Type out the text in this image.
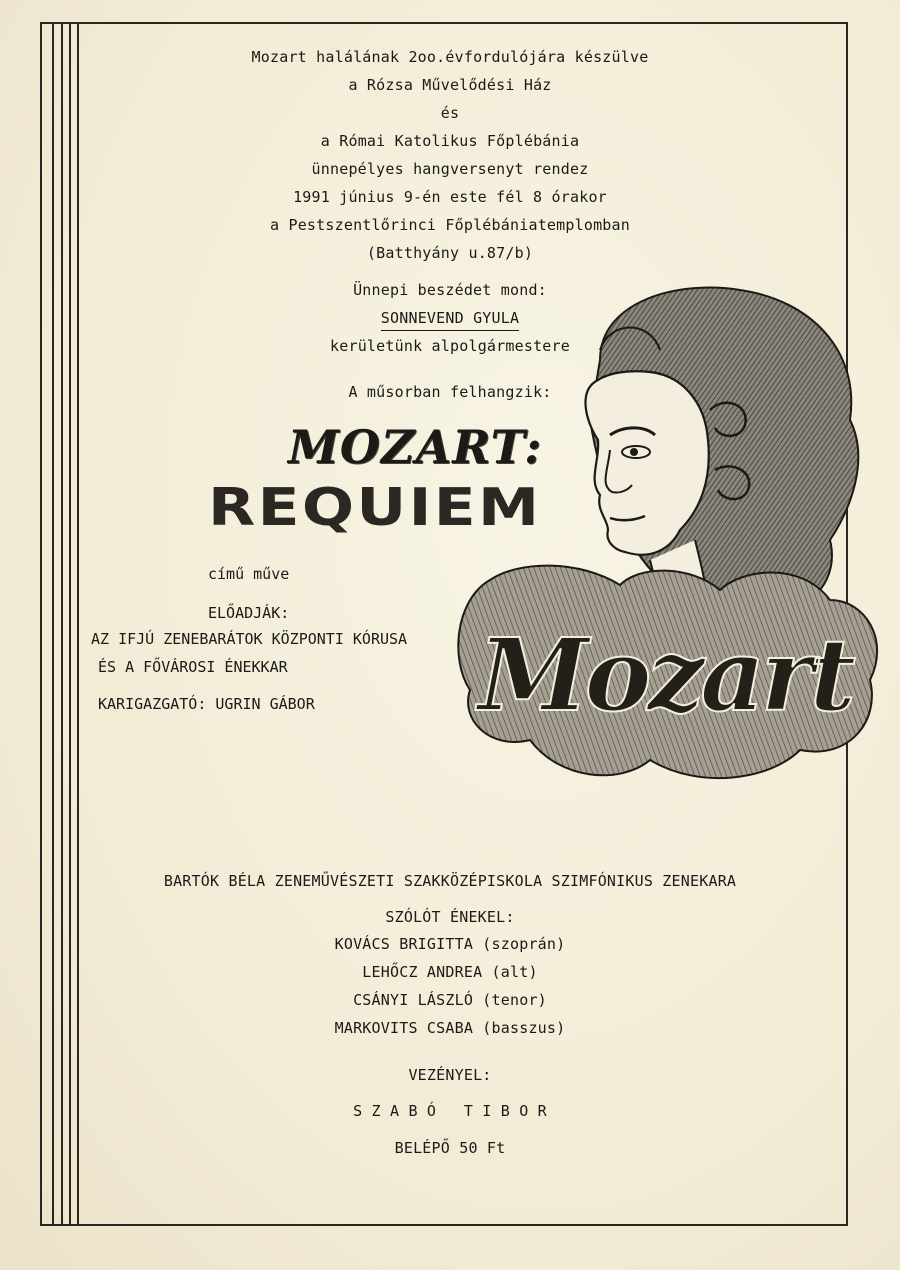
Mozart halálának 2oo.évfordulójára készülve
a Rózsa Művelődési Ház
és
a Római Katolikus Főplébánia
ünnepélyes hangversenyt rendez
1991 június 9-én este fél 8 órakor
a Pestszentlőrinci Főplébániatemplomban
(Batthyány u.87/b)
Ünnepi beszédet mond:
SONNEVEND GYULA
kerületünk alpolgármestere
A műsorban felhangzik:
MOZART:
REQUIEM
című műve
ELŐADJÁK:
AZ IFJÚ ZENEBARÁTOK KÖZPONTI KÓRUSA
ÉS A FŐVÁROSI ÉNEKKAR
KARIGAZGATÓ: UGRIN GÁBOR Mozart
BARTÓK BÉLA ZENEMŰVÉSZETI SZAKKÖZÉPISKOLA SZIMFÓNIKUS ZENEKARA
SZÓLÓT ÉNEKEL:
KOVÁCS BRIGITTA (szoprán)
LEHŐCZ ANDREA (alt)
CSÁNYI LÁSZLÓ (tenor)
MARKOVITS CSABA (basszus)
VEZÉNYEL:
S Z A B Ó   T I B O R
BELÉPŐ 50 Ft
